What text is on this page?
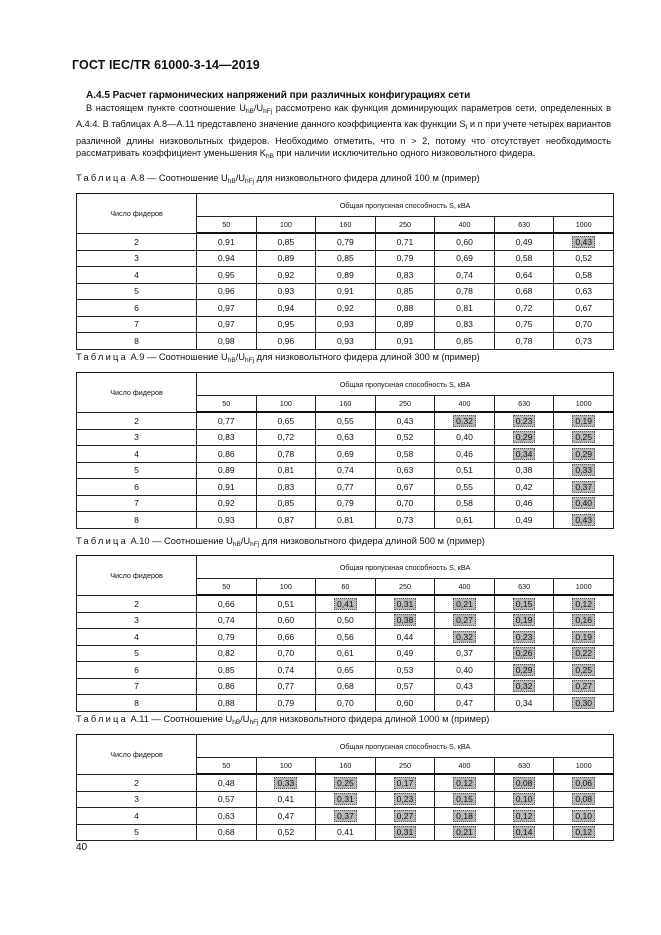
ГОСТ IEC/TR 61000-3-14—2019
А.4.5 Расчет гармонических напряжений при различных конфигурациях сети
В настоящем пункте соотношение $U_{hB}/U_{hFj}$ рассмотрено как функция доминирующих параметров сети, определенных в А.4.4. В таблицах А.8—А.11 представлено значение данного коэффициента как функции $S_t$ и n при учете четырех вариантов различной длины низковольтных фидеров. Необходимо отметить, что n > 2, потому что отсутствует необходимость рассматривать коэффициент уменьшения $K_{hB}$ при наличии исключительно одного низковольтного фидера.
Таблица А.8 — Соотношение $U_{hB}/U_{hFj}$ для низковольтного фидера длиной 100 м (пример)
Число фидеров	Общая пропускная способность S, кВА						
	50	100	160	250	400	630	1000
2	0,91	0,85	0,79	0,71	0,60	0,49	0,43
3	0,94	0,89	0,85	0,79	0,69	0,58	0,52
4	0,95	0,92	0,89	0,83	0,74	0,64	0,58
5	0,96	0,93	0,91	0,85	0,78	0,68	0,63
6	0,97	0,94	0,92	0,88	0,81	0,72	0,67
7	0,97	0,95	0,93	0,89	0,83	0,75	0,70
8	0,98	0,96	0,93	0,91	0,85	0,78	0,73
Таблица А.9 — Соотношение $U_{hB}/U_{hFj}$ для низковольтного фидера длиной 300 м (пример)
Число фидеров	Общая пропускная способность S, кВА						
	50	100	160	250	400	630	1000
2	0,77	0,65	0,55	0,43	0,32	0,23	0,19
3	0,83	0,72	0,63	0,52	0,40	0,29	0,25
4	0,86	0,78	0,69	0,58	0,46	0,34	0,29
5	0,89	0,81	0,74	0,63	0,51	0,38	0,33
6	0,91	0,83	0,77	0,67	0,55	0,42	0,37
7	0,92	0,85	0,79	0,70	0,58	0,46	0,40
8	0,93	0,87	0,81	0,73	0,61	0,49	0,43
Таблица А.10 — Соотношение $U_{hB}/U_{hFj}$ для низковольтного фидера длиной 500 м (пример)
Число фидеров	Общая пропускная способность S, кВА						
	50	100	60	250	400	630	1000
2	0,66	0,51	0,41	0,31	0,21	0,15	0,12
3	0,74	0,60	0,50	0,38	0,27	0,19	0,16
4	0,79	0,66	0,56	0,44	0,32	0,23	0,19
5	0,82	0,70	0,61	0,49	0,37	0,26	0,22
6	0,85	0,74	0,65	0,53	0,40	0,29	0,25
7	0,86	0,77	0,68	0,57	0,43	0,32	0,27
8	0,88	0,79	0,70	0,60	0,47	0,34	0,30
Таблица А.11 — Соотношение $U_{hB}/U_{hFj}$ для низковольтного фидера длиной 1000 м (пример)
Число фидеров	Общая пропускная способность S, кВА						
	50	100	160	250	400	630	1000
2	0,48	0,33	0,25	0,17	0,12	0,08	0,06
3	0,57	0,41	0,31	0,23	0,15	0,10	0,08
4	0,63	0,47	0,37	0,27	0,18	0,12	0,10
5	0,68	0,52	0,41	0,31	0,21	0,14	0,12
40
